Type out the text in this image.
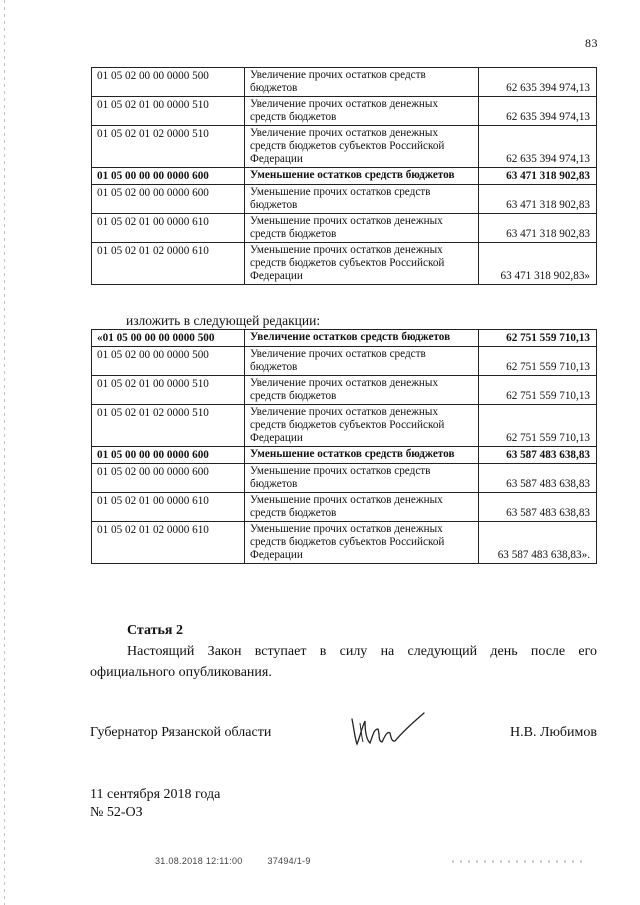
83
01 05 02 00 00 0000 500	Увеличение прочих остатков средств бюджетов	62 635 394 974,13
01 05 02 01 00 0000 510	Увеличение прочих остатков денежных средств бюджетов	62 635 394 974,13
01 05 02 01 02 0000 510	Увеличение прочих остатков денежных средств бюджетов субъектов Российской Федерации	62 635 394 974,13
01 05 00 00 00 0000 600	Уменьшение остатков средств бюджетов	63 471 318 902,83
01 05 02 00 00 0000 600	Уменьшение прочих остатков средств бюджетов	63 471 318 902,83
01 05 02 01 00 0000 610	Уменьшение прочих остатков денежных средств бюджетов	63 471 318 902,83
01 05 02 01 02 0000 610	Уменьшение прочих остатков денежных средств бюджетов субъектов Российской Федерации	63 471 318 902,83»
изложить в следующей редакции:
«01 05 00 00 00 0000 500	Увеличение остатков средств бюджетов	62 751 559 710,13
01 05 02 00 00 0000 500	Увеличение прочих остатков средств бюджетов	62 751 559 710,13
01 05 02 01 00 0000 510	Увеличение прочих остатков денежных средств бюджетов	62 751 559 710,13
01 05 02 01 02 0000 510	Увеличение прочих остатков денежных средств бюджетов субъектов Российской Федерации	62 751 559 710,13
01 05 00 00 00 0000 600	Уменьшение остатков средств бюджетов	63 587 483 638,83
01 05 02 00 00 0000 600	Уменьшение прочих остатков средств бюджетов	63 587 483 638,83
01 05 02 01 00 0000 610	Уменьшение прочих остатков денежных средств бюджетов	63 587 483 638,83
01 05 02 01 02 0000 610	Уменьшение прочих остатков денежных средств бюджетов субъектов Российской Федерации	63 587 483 638,83».
Статья 2
Настоящий Закон вступает в силу на следующий день после его официального опубликования.
Губернатор Рязанской области	Н.В. Любимов
11 сентября 2018 года
№ 52-ОЗ
31.08.2018 12:11:00	37494/1-9
